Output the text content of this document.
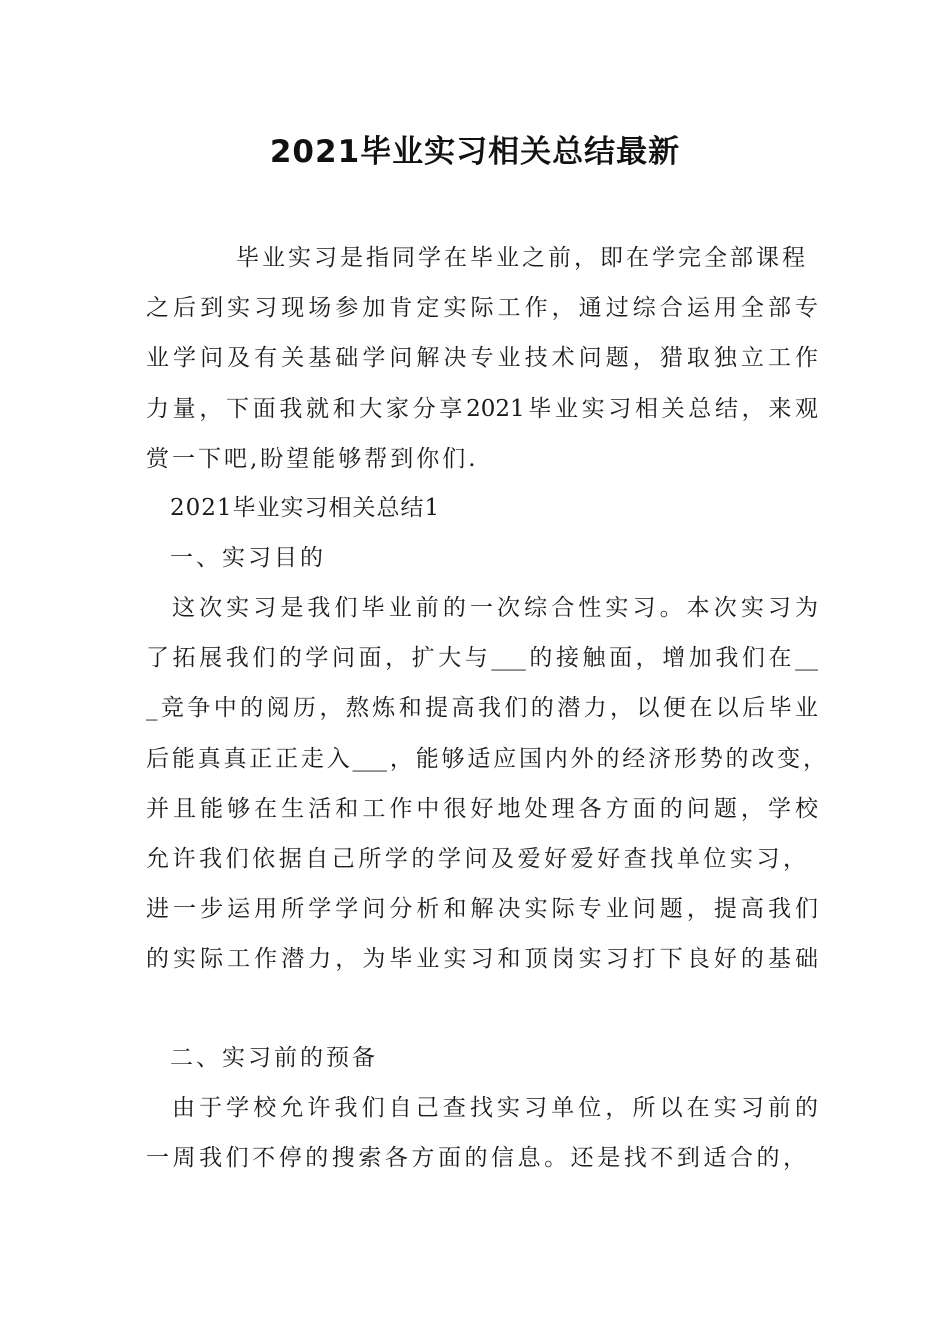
2021毕业实习相关总结最新
毕业实习是指同学在毕业之前，即在学完全部课程
之后到实习现场参加肯定实际工作，通过综合运用全部专
业学问及有关基础学问解决专业技术问题，猎取独立工作
力量，下面我就和大家分享2021毕业实习相关总结，来观
赏一下吧,盼望能够帮到你们.
2021毕业实习相关总结1
一、实习目的
这次实习是我们毕业前的一次综合性实习。本次实习为
了拓展我们的学问面，扩大与___的接触面，增加我们在__
_竞争中的阅历，熬炼和提高我们的潜力，以便在以后毕业
后能真真正正走入___，能够适应国内外的经济形势的改变，
并且能够在生活和工作中很好地处理各方面的问题，学校
允许我们依据自己所学的学问及爱好爱好查找单位实习，
进一步运用所学学问分析和解决实际专业问题，提高我们
的实际工作潜力，为毕业实习和顶岗实习打下良好的基础
二、实习前的预备
由于学校允许我们自己查找实习单位，所以在实习前的
一周我们不停的搜索各方面的信息。还是找不到适合的，
